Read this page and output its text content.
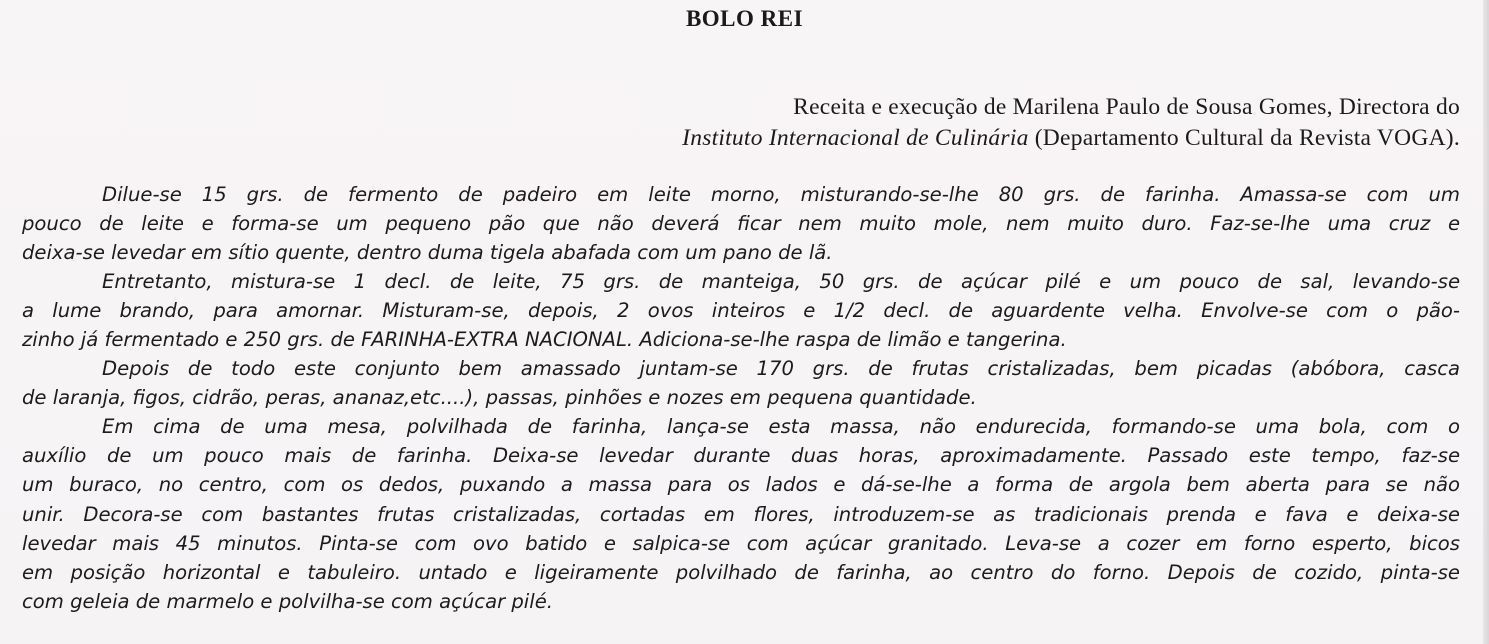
BOLO REI
Receita e execução de Marilena Paulo de Sousa Gomes, Directora do
Instituto Internacional de Culinária (Departamento Cultural da Revista VOGA).
Dilue-se 15 grs. de fermento de padeiro em leite morno, misturando-se-lhe 80 grs. de farinha. Amassa-se com um
pouco de leite e forma-se um pequeno pão que não deverá ficar nem muito mole, nem muito duro. Faz-se-lhe uma cruz e
deixa-se levedar em sítio quente, dentro duma tigela abafada com um pano de lã.
Entretanto, mistura-se 1 decl. de leite, 75 grs. de manteiga, 50 grs. de açúcar pilé e um pouco de sal, levando-se
a lume brando, para amornar. Misturam-se, depois, 2 ovos inteiros e 1/2 decl. de aguardente velha. Envolve-se com o pão-
zinho já fermentado e 250 grs. de FARINHA-EXTRA NACIONAL. Adiciona-se-lhe raspa de limão e tangerina.
Depois de todo este conjunto bem amassado juntam-se 170 grs. de frutas cristalizadas, bem picadas (abóbora, casca
de laranja, figos, cidrão, peras, ananaz,etc....), passas, pinhões e nozes em pequena quantidade.
Em cima de uma mesa, polvilhada de farinha, lança-se esta massa, não endurecida, formando-se uma bola, com o
auxílio de um pouco mais de farinha. Deixa-se levedar durante duas horas, aproximadamente. Passado este tempo, faz-se
um buraco, no centro, com os dedos, puxando a massa para os lados e dá-se-lhe a forma de argola bem aberta para se não
unir. Decora-se com bastantes frutas cristalizadas, cortadas em flores, introduzem-se as tradicionais prenda e fava e deixa-se
levedar mais 45 minutos. Pinta-se com ovo batido e salpica-se com açúcar granitado. Leva-se a cozer em forno esperto, bicos
em posição horizontal e tabuleiro. untado e ligeiramente polvilhado de farinha, ao centro do forno. Depois de cozido, pinta-se
com geleia de marmelo e polvilha-se com açúcar pilé.
